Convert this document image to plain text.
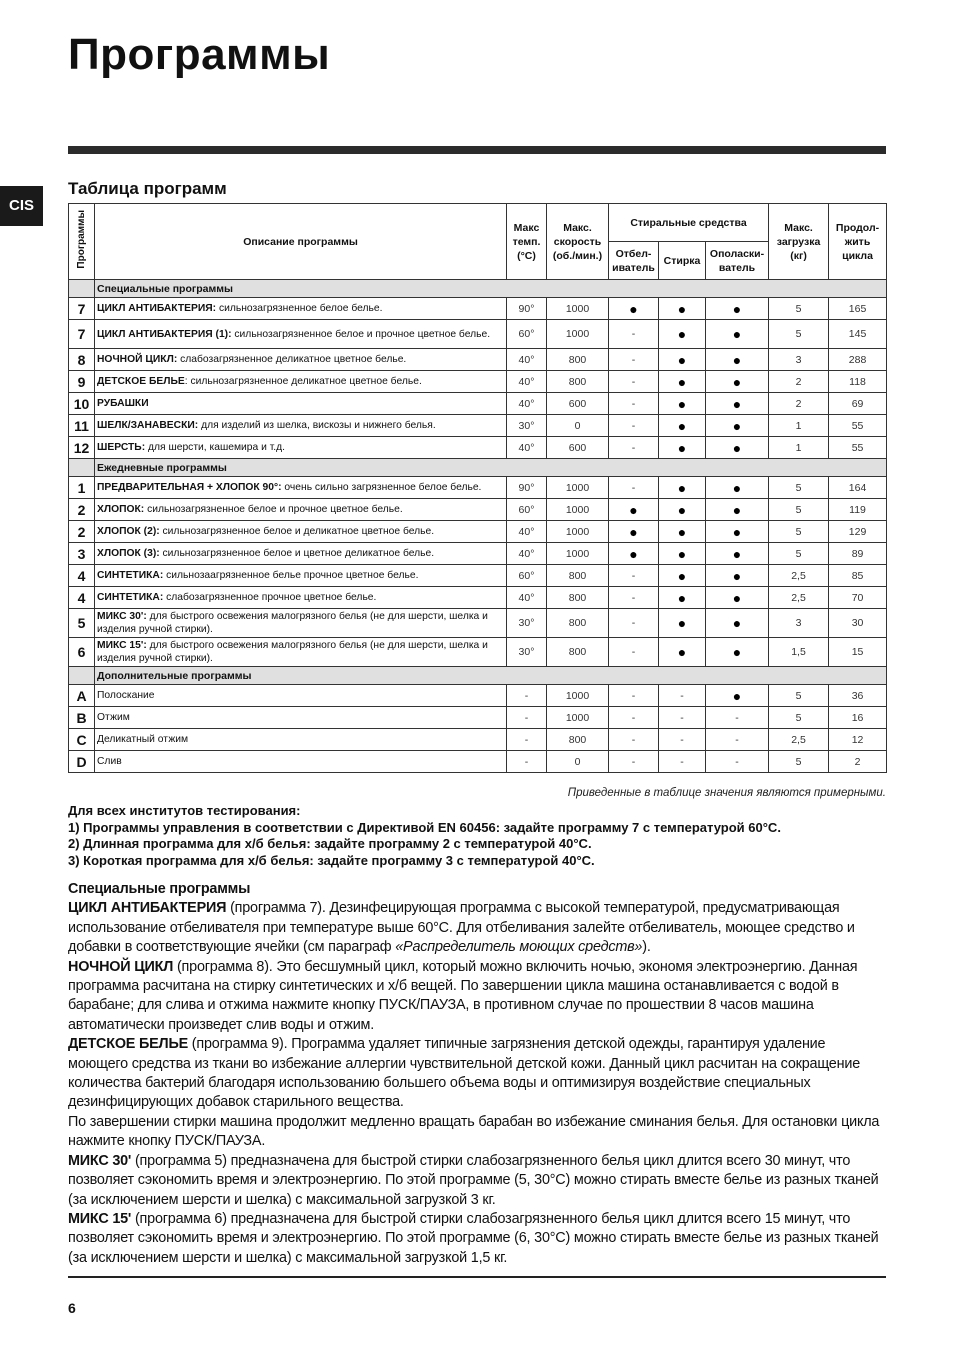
Программы
CIS
Таблица программ
Программы	Описание программы	Макс темп. (°C)	Макс. скорость (об./мин.)	Стиральные средства			Макс. загрузка (кг)	Продол-жить цикла
				Отбел-иватель	Стирка	Ополаски-ватель		
	Специальные программы							
7	ЦИКЛ АНТИБАКТЕРИЯ: сильнозагрязненное белое белье.	90°	1000	●	●	●	5	165
7	ЦИКЛ АНТИБАКТЕРИЯ (1): сильнозагрязненное белое и прочное цветное белье.	60°	1000	-	●	●	5	145
8	НОЧНОЙ ЦИКЛ: слабозагрязненное деликатное цветное белье.	40°	800	-	●	●	3	288
9	ДЕТСКОЕ БЕЛЬЕ: сильнозагрязненное деликатное цветное белье.	40°	800	-	●	●	2	118
10	РУБАШКИ	40°	600	-	●	●	2	69
11	ШЕЛК/ЗАНАВЕСКИ: для изделий из шелка, вискозы и нижнего белья.	30°	0	-	●	●	1	55
12	ШЕРСТЬ: для шерсти, кашемира и т.д.	40°	600	-	●	●	1	55
	Ежедневные программы							
1	ПРЕДВАРИТЕЛЬНАЯ + ХЛОПОК 90°: очень сильно загрязненное белое белье.	90°	1000	-	●	●	5	164
2	ХЛОПОК: сильнозагрязненное белое и прочное цветное белье.	60°	1000	●	●	●	5	119
2	ХЛОПОК (2): сильнозагрязненное белое и деликатное цветное белье.	40°	1000	●	●	●	5	129
3	ХЛОПОК (3): сильнозагрязненное белое и цветное деликатное белье.	40°	1000	●	●	●	5	89
4	СИНТЕТИКА: сильнозаагрязненное белье прочное цветное белье.	60°	800	-	●	●	2,5	85
4	СИНТЕТИКА: слабозагрязненное прочное цветное белье.	40°	800	-	●	●	2,5	70
5	МИКС 30': для быстрого освежения малогрязного белья (не для шерсти, шелка и изделия ручной стирки).	30°	800	-	●	●	3	30
6	МИКС 15': для быстрого освежения малогрязного белья (не для шерсти, шелка и изделия ручной стирки).	30°	800	-	●	●	1,5	15
	Дополнительные программы							
A	Полоскание	-	1000	-	-	●	5	36
B	Отжим	-	1000	-	-	-	5	16
C	Деликатный отжим	-	800	-	-	-	2,5	12
D	Слив	-	0	-	-	-	5	2
Приведенные в таблице значения являются примерными.
Для всех институтов тестирования:
1) Программы управления в соответствии с Директивой EN 60456: задайте программу 7 с температурой 60°C.
2) Длинная программа для х/б белья: задайте программу 2 с температурой 40°C.
3) Короткая программа для х/б белья: задайте программу 3 с температурой 40°C.
Специальные программы

ЦИКЛ АНТИБАКТЕРИЯ (программа 7). Дезинфецирующая программа с высокой температурой, предусматривающая использование отбеливателя при температуре выше 60°C. Для отбеливания залейте отбеливатель, моющее средство и добавки в соответствующие ячейки (см параграф «Распределитель моющих средств»).

НОЧНОЙ ЦИКЛ (программа 8). Это бесшумный цикл, который можно включить ночью, экономя электроэнергию. Данная программа расчитана на стирку синтетических и х/б вещей. По завершении цикла машина останавливается с водой в барабане; для слива и отжима нажмите кнопку ПУСК/ПАУЗА, в противном случае по прошествии 8 часов машина автоматически произведет слив воды и отжим.

ДЕТСКОЕ БЕЛЬЕ (программа 9). Программа удаляет типичные загрязнения детской одежды, гарантируя удаление моющего средства из ткани во избежание аллергии чувствительной детской кожи. Данный цикл расчитан на сокращение количества бактерий благодаря использованию большего объема воды и оптимизируя воздействие специальных дезинфицирующих добавок старильного вещества.

По завершении стирки машина продолжит медленно вращать барабан во избежание сминания белья. Для остановки цикла нажмите кнопку ПУСК/ПАУЗА.

МИКС 30' (программа 5) предназначена для быстрой стирки слабозагрязненного белья цикл длится всего 30 минут, что позволяет сэкономить время и электроэнергию. По этой программе (5, 30°C) можно стирать вместе белье из разных тканей (за исключением шерсти и шелка) с максимальной загрузкой 3 кг.

МИКС 15' (программа 6) предназначена для быстрой стирки слабозагрязненного белья цикл длится всего 15 минут, что позволяет сэкономить время и электроэнергию. По этой программе (6, 30°C) можно стирать вместе белье из разных тканей (за исключением шерсти и шелка) с максимальной загрузкой 1,5 кг.

6
